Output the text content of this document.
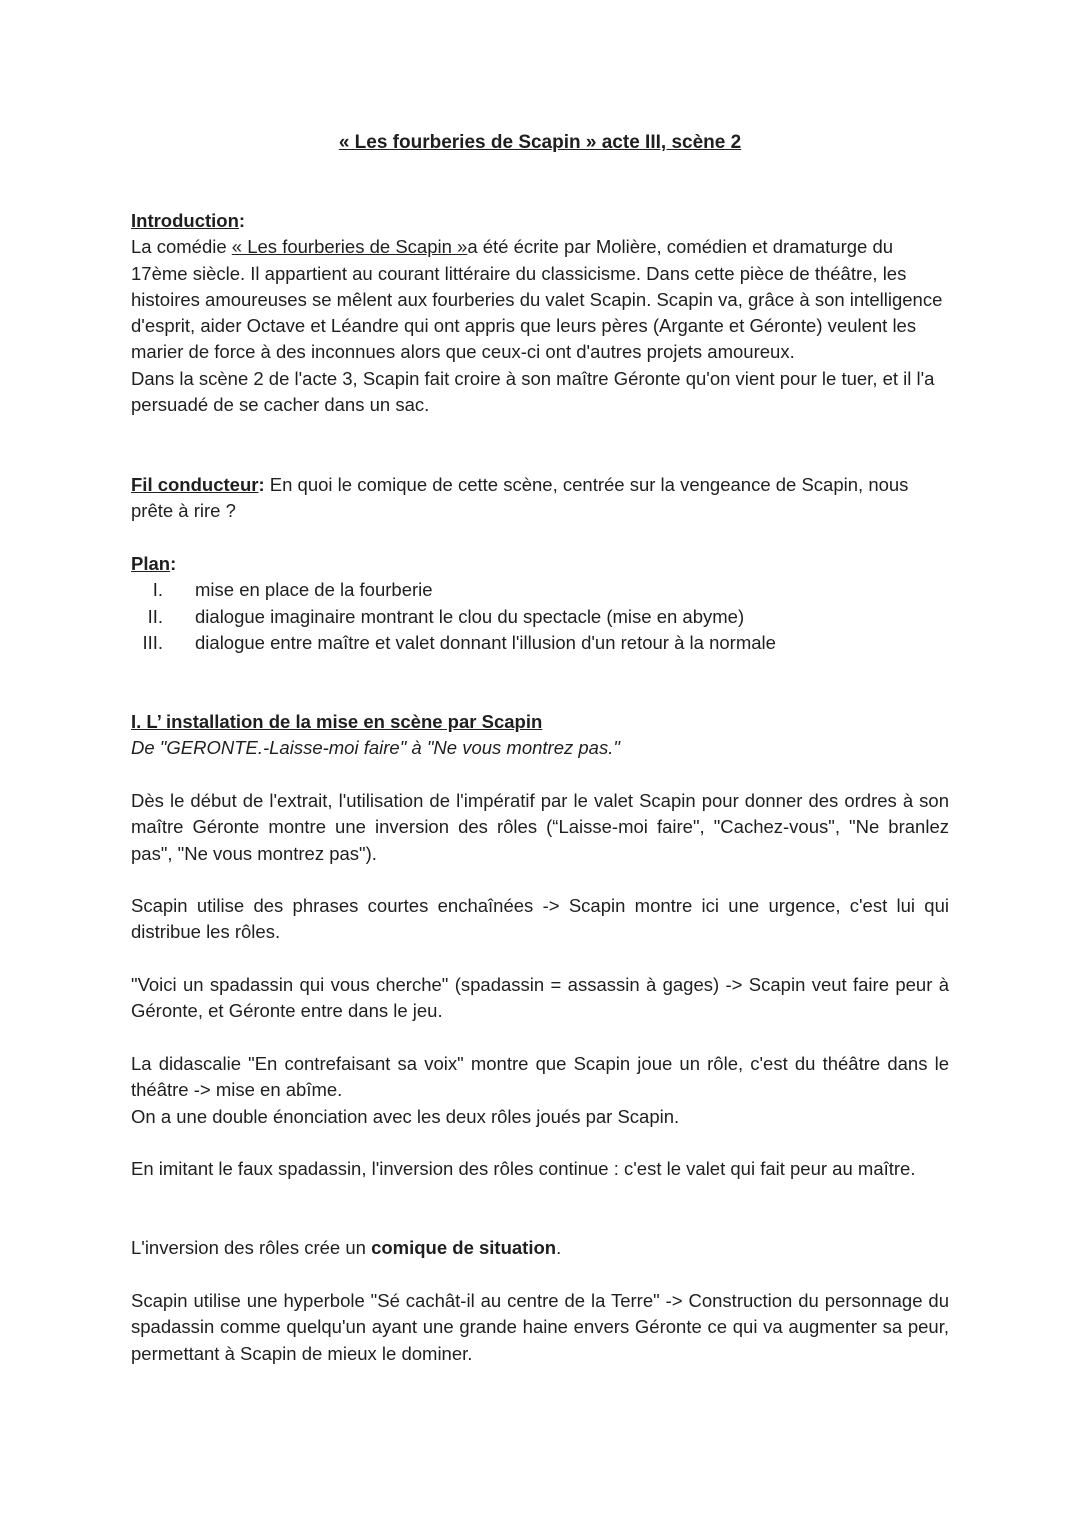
« Les fourberies de Scapin » acte III, scène 2
Introduction:
La comédie « Les fourberies de Scapin »a été écrite par Molière, comédien et dramaturge du 17ème siècle. Il appartient au courant littéraire du classicisme. Dans cette pièce de théâtre, les histoires amoureuses se mêlent aux fourberies du valet Scapin. Scapin va, grâce à son intelligence d'esprit, aider Octave et Léandre qui ont appris que leurs pères (Argante et Géronte) veulent les marier de force à des inconnues alors que ceux-ci ont d'autres projets amoureux.
Dans la scène 2 de l'acte 3, Scapin fait croire à son maître Géronte qu'on vient pour le tuer, et il l'a persuadé de se cacher dans un sac.
Fil conducteur: En quoi le comique de cette scène, centrée sur la vengeance de Scapin, nous prête à rire ?
Plan:
I. mise en place de la fourberie
II. dialogue imaginaire montrant le clou du spectacle (mise en abyme)
III. dialogue entre maître et valet donnant l'illusion d'un retour à la normale
I. L’ installation de la mise en scène par Scapin
De "GERONTE.-Laisse-moi faire" à "Ne vous montrez pas."
Dès le début de l'extrait, l'utilisation de l'impératif par le valet Scapin pour donner des ordres à son maître Géronte montre une inversion des rôles (“Laisse-moi faire", "Cachez-vous", "Ne branlez pas", "Ne vous montrez pas").
Scapin utilise des phrases courtes enchaînées -> Scapin montre ici une urgence, c'est lui qui distribue les rôles.
"Voici un spadassin qui vous cherche" (spadassin = assassin à gages) -> Scapin veut faire peur à Géronte, et Géronte entre dans le jeu.
La didascalie "En contrefaisant sa voix" montre que Scapin joue un rôle, c'est du théâtre dans le théâtre -> mise en abîme.
On a une double énonciation avec les deux rôles joués par Scapin.
En imitant le faux spadassin, l'inversion des rôles continue : c'est le valet qui fait peur au maître.
L'inversion des rôles crée un comique de situation.
Scapin utilise une hyperbole "Sé cachât-il au centre de la Terre" -> Construction du personnage du spadassin comme quelqu'un ayant une grande haine envers Géronte ce qui va augmenter sa peur, permettant à Scapin de mieux le dominer.
